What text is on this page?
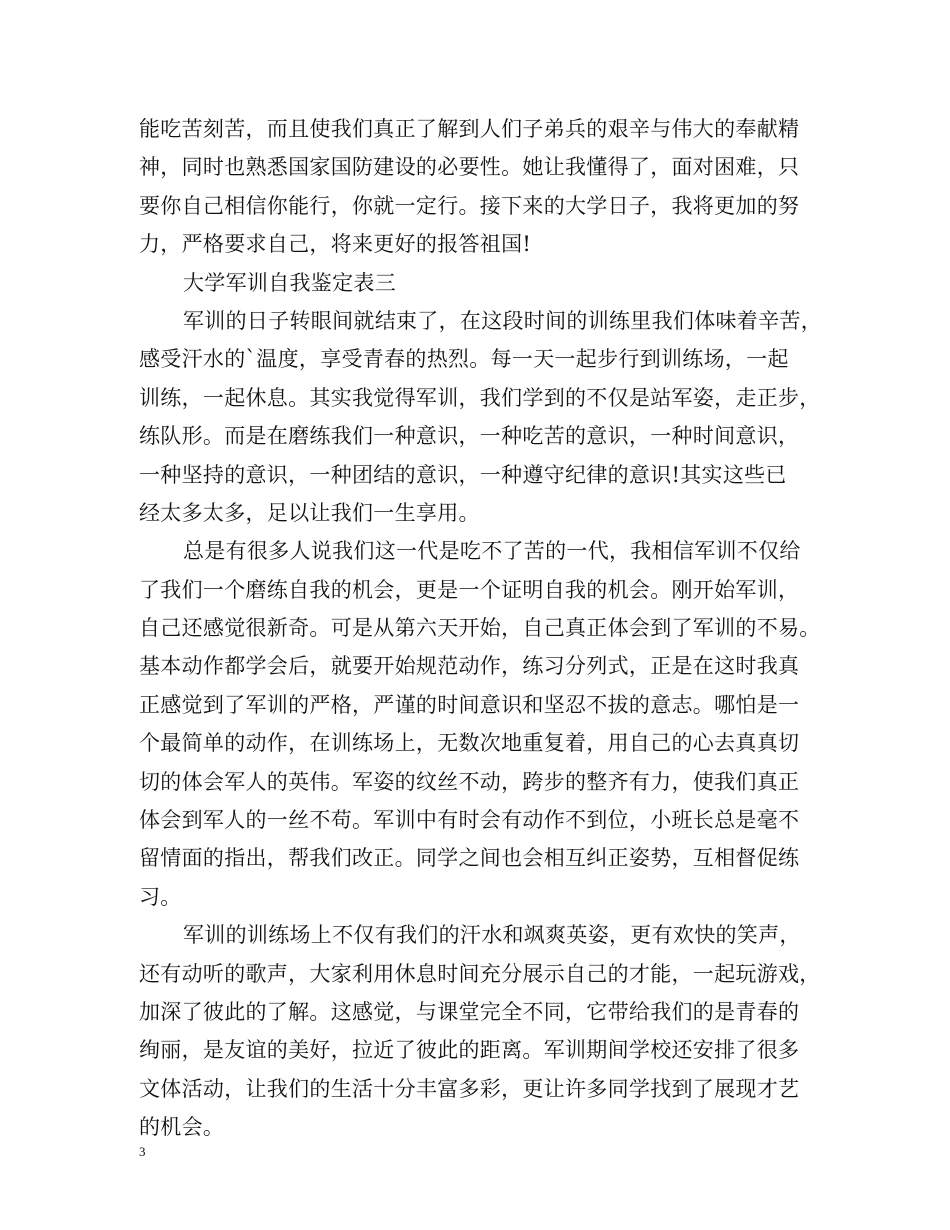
能吃苦刻苦，而且使我们真正了解到人们子弟兵的艰辛与伟大的奉献精
神，同时也熟悉国家国防建设的必要性。她让我懂得了，面对困难，只
要你自己相信你能行，你就一定行。接下来的大学日子，我将更加的努
力，严格要求自己，将来更好的报答祖国!
大学军训自我鉴定表三
军训的日子转眼间就结束了，在这段时间的训练里我们体味着辛苦，
感受汗水的`温度，享受青春的热烈。每一天一起步行到训练场，一起
训练，一起休息。其实我觉得军训，我们学到的不仅是站军姿，走正步，
练队形。而是在磨练我们一种意识，一种吃苦的意识，一种时间意识，
一种坚持的意识，一种团结的意识，一种遵守纪律的意识!其实这些已
经太多太多，足以让我们一生享用。
总是有很多人说我们这一代是吃不了苦的一代，我相信军训不仅给
了我们一个磨练自我的机会，更是一个证明自我的机会。刚开始军训，
自己还感觉很新奇。可是从第六天开始，自己真正体会到了军训的不易。
基本动作都学会后，就要开始规范动作，练习分列式，正是在这时我真
正感觉到了军训的严格，严谨的时间意识和坚忍不拔的意志。哪怕是一
个最简单的动作，在训练场上，无数次地重复着，用自己的心去真真切
切的体会军人的英伟。军姿的纹丝不动，跨步的整齐有力，使我们真正
体会到军人的一丝不苟。军训中有时会有动作不到位，小班长总是毫不
留情面的指出，帮我们改正。同学之间也会相互纠正姿势，互相督促练
习。
军训的训练场上不仅有我们的汗水和飒爽英姿，更有欢快的笑声，
还有动听的歌声，大家利用休息时间充分展示自己的才能，一起玩游戏，
加深了彼此的了解。这感觉，与课堂完全不同，它带给我们的是青春的
绚丽，是友谊的美好，拉近了彼此的距离。军训期间学校还安排了很多
文体活动，让我们的生活十分丰富多彩，更让许多同学找到了展现才艺
的机会。
3
